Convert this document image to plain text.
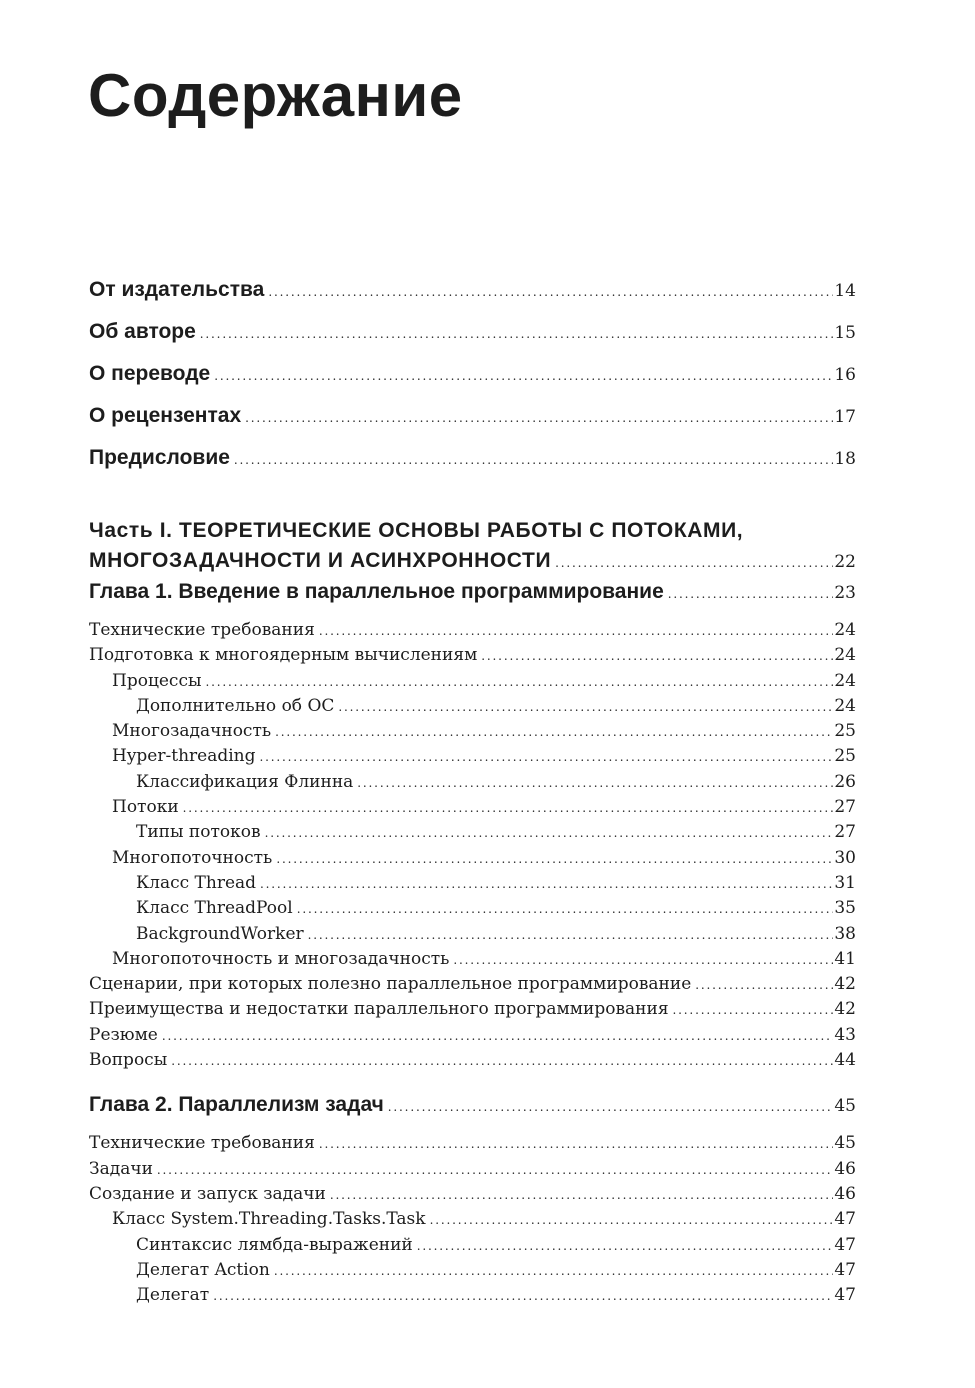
Содержание
От издательства . . .	14
Об авторе . . .	15
О переводе . . .	16
О рецензентах . . .	17
Предисловие . . .	18
Часть I. ТЕОРЕТИЧЕСКИЕ ОСНОВЫ РАБОТЫ С ПОТОКАМИ,
МНОГОЗАДАЧНОСТИ И АСИНХРОННОСТИ . . .	22
Глава 1. Введение в параллельное программирование . . .	23
Технические требования . . .	24
Подготовка к многоядерным вычислениям . . .	24
Процессы . . .	24
Дополнительно об ОС . . .	24
Многозадачность . . .	25
Hyper-threading . . .	25
Классификация Флинна . . .	26
Потоки . . .	27
Типы потоков . . .	27
Многопоточность . . .	30
Класс Thread . . .	31
Класс ThreadPool . . .	35
BackgroundWorker . . .	38
Многопоточность и многозадачность . . .	41
Сценарии, при которых полезно параллельное программирование . . .	42
Преимущества и недостатки параллельного программирования . . .	42
Резюме . . .	43
Вопросы . . .	44
Глава 2. Параллелизм задач . . .	45
Технические требования . . .	45
Задачи . . .	46
Создание и запуск задачи . . .	46
Класс System.Threading.Tasks.Task . . .	47
Синтаксис лямбда-выражений . . .	47
Делегат Action . . .	47
Делегат . . .	47
